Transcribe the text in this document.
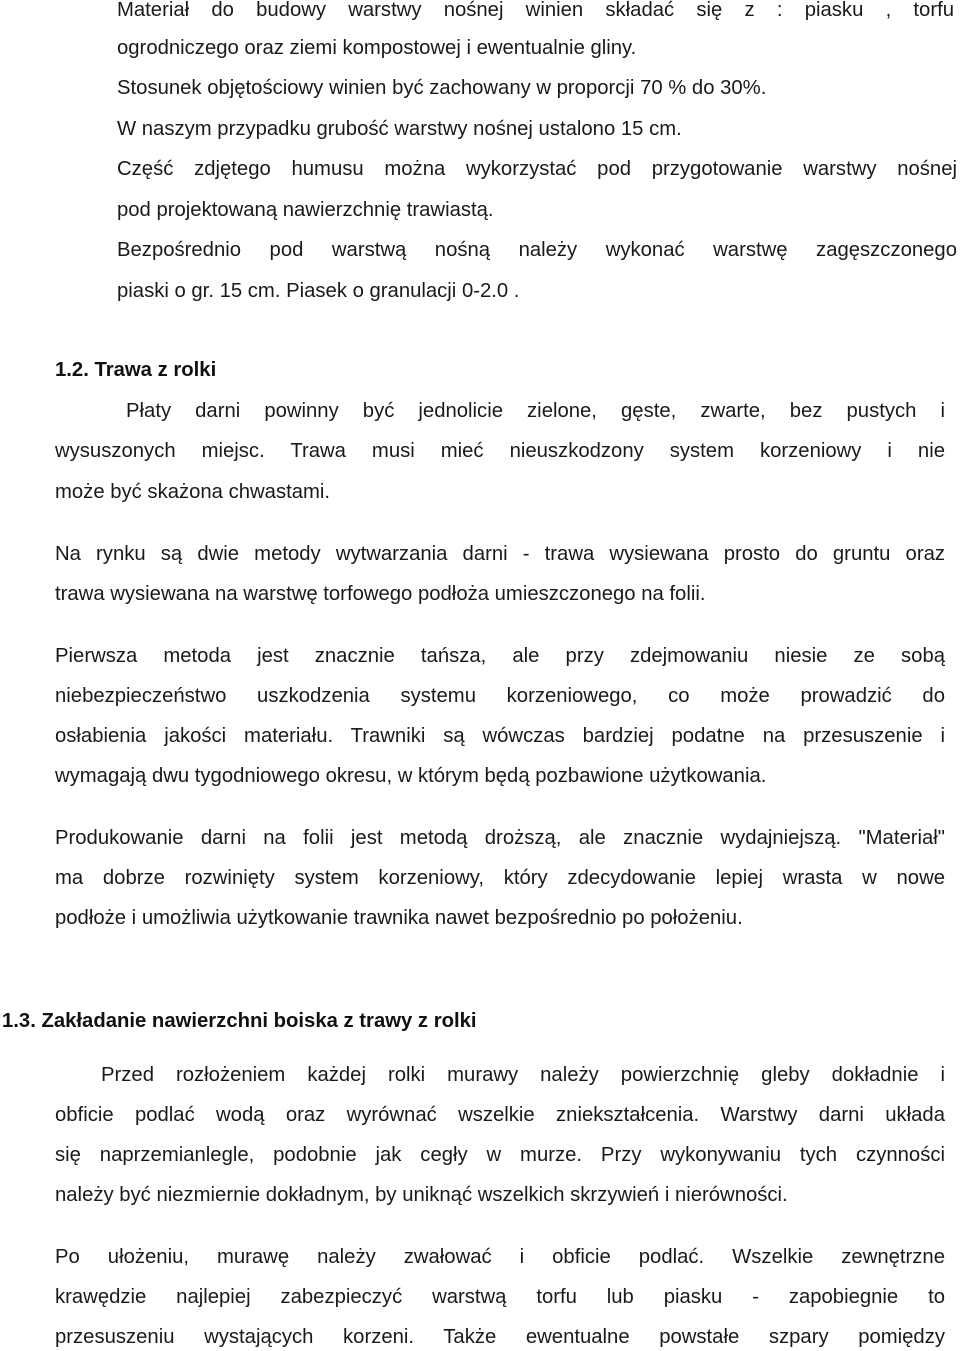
Materiał do budowy warstwy nośnej winien składać się z : piasku , torfu

ogrodniczego oraz ziemi kompostowej i ewentualnie gliny.

Stosunek objętościowy winien być zachowany w proporcji 70 % do 30%.

W naszym przypadku grubość warstwy nośnej ustalono 15 cm.

Część zdjętego humusu można wykorzystać pod przygotowanie warstwy nośnej

pod projektowaną nawierzchnię trawiastą.

Bezpośrednio pod warstwą nośną należy wykonać warstwę zagęszczonego

piaski o gr. 15 cm. Piasek o granulacji 0-2.0 .

1.2. Trawa z rolki

Płaty darni powinny być jednolicie zielone, gęste, zwarte, bez pustych i

wysuszonych miejsc. Trawa musi mieć nieuszkodzony system korzeniowy i nie

może być skażona chwastami.

Na rynku są dwie metody wytwarzania darni - trawa wysiewana prosto do gruntu oraz

trawa wysiewana na warstwę torfowego podłoża umieszczonego na folii.

Pierwsza metoda jest znacznie tańsza, ale przy zdejmowaniu niesie ze sobą

niebezpieczeństwo uszkodzenia systemu korzeniowego, co może prowadzić do

osłabienia jakości materiału. Trawniki są wówczas bardziej podatne na przesuszenie i

wymagają dwu tygodniowego okresu, w którym będą pozbawione użytkowania.

Produkowanie darni na folii jest metodą droższą, ale znacznie wydajniejszą. "Materiał"

ma dobrze rozwinięty system korzeniowy, który zdecydowanie lepiej wrasta w nowe

podłoże i umożliwia użytkowanie trawnika nawet bezpośrednio po położeniu.

1.3. Zakładanie nawierzchni boiska z trawy z rolki

Przed rozłożeniem każdej rolki murawy należy powierzchnię gleby dokładnie i

obficie podlać wodą oraz wyrównać wszelkie zniekształcenia. Warstwy darni układa

się naprzemianlegle, podobnie jak cegły w murze. Przy wykonywaniu tych czynności

należy być niezmiernie dokładnym, by uniknąć wszelkich skrzywień i nierówności.

Po ułożeniu, murawę należy zwałować i obficie podlać. Wszelkie zewnętrzne

krawędzie najlepiej zabezpieczyć warstwą torfu lub piasku - zapobiegnie to

przesuszeniu wystających korzeni. Także ewentualne powstałe szpary pomiędzy
